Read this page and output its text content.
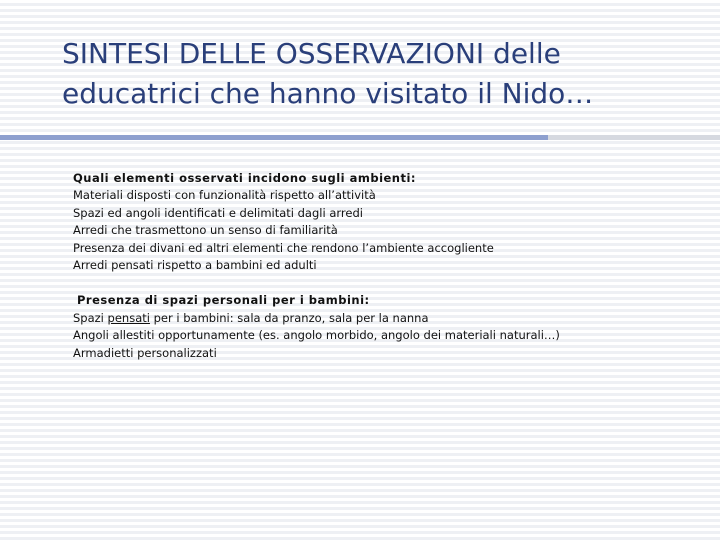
SINTESI DELLE OSSERVAZIONI delle
educatrici che hanno visitato il Nido…
Quali elementi osservati incidono sugli ambienti:
Materiali disposti con funzionalità rispetto all’attività
Spazi ed angoli identificati e delimitati dagli arredi
Arredi che trasmettono un senso di familiarità
Presenza dei divani ed altri elementi che rendono l’ambiente accogliente
Arredi pensati rispetto a bambini ed adulti
Presenza di spazi personali per i bambini:
Spazi pensati per i bambini: sala da pranzo, sala per la nanna
Angoli allestiti opportunamente (es. angolo morbido, angolo dei materiali naturali…)
Armadietti personalizzati
